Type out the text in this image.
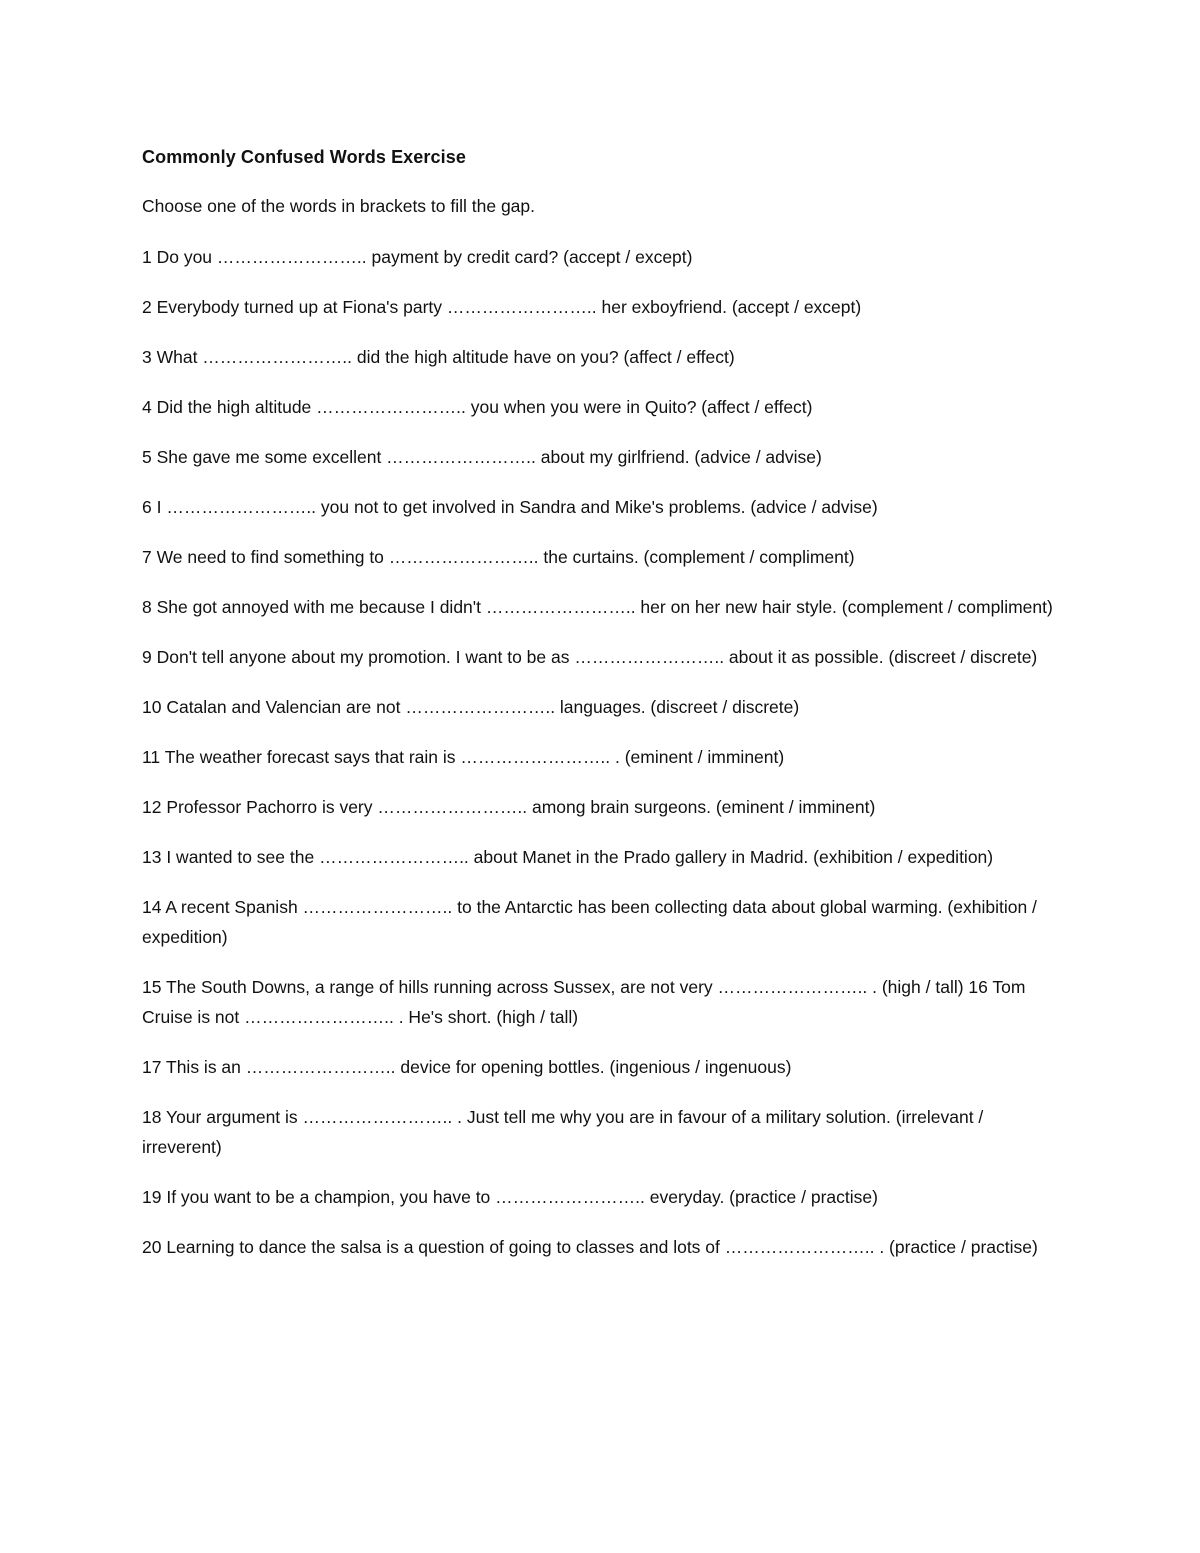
Commonly Confused Words Exercise
Choose one of the words in brackets to fill the gap.
1 Do you …………………….. payment by credit card? (accept / except)
2 Everybody turned up at Fiona's party …………………….. her exboyfriend. (accept / except)
3 What …………………….. did the high altitude have on you? (affect / effect)
4 Did the high altitude …………………….. you when you were in Quito? (affect / effect)
5 She gave me some excellent …………………….. about my girlfriend. (advice / advise)
6 I …………………….. you not to get involved in Sandra and Mike's problems. (advice / advise)
7 We need to find something to …………………….. the curtains. (complement / compliment)
8 She got annoyed with me because I didn't …………………….. her on her new hair style. (complement / compliment)
9 Don't tell anyone about my promotion. I want to be as …………………….. about it as possible. (discreet / discrete)
10 Catalan and Valencian are not …………………….. languages. (discreet / discrete)
11 The weather forecast says that rain is …………………….. . (eminent / imminent)
12 Professor Pachorro is very …………………….. among brain surgeons. (eminent / imminent)
13 I wanted to see the …………………….. about Manet in the Prado gallery in Madrid. (exhibition / expedition)
14 A recent Spanish …………………….. to the Antarctic has been collecting data about global warming. (exhibition / expedition)
15 The South Downs, a range of hills running across Sussex, are not very …………………….. . (high / tall) 16 Tom Cruise is not …………………….. . He's short. (high / tall)
17 This is an …………………….. device for opening bottles. (ingenious / ingenuous)
18 Your argument is …………………….. . Just tell me why you are in favour of a military solution. (irrelevant / irreverent)
19 If you want to be a champion, you have to …………………….. everyday. (practice / practise)
20 Learning to dance the salsa is a question of going to classes and lots of …………………….. . (practice / practise)
